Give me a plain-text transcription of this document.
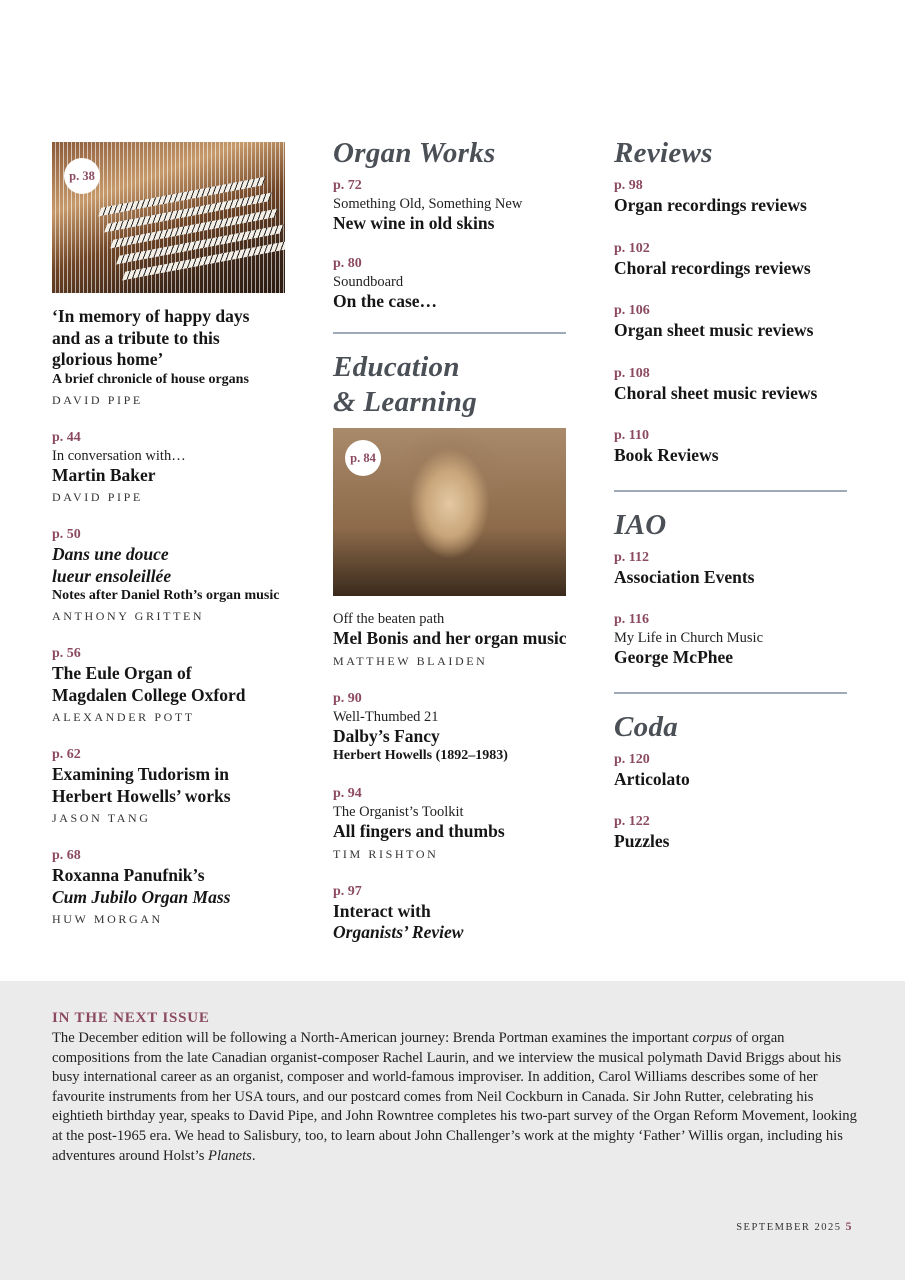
p. 38
‘In memory of happy days
and as a tribute to this
glorious home’
A brief chronicle of house organs
DAVID PIPE
p. 44
In conversation with…
Martin Baker
DAVID PIPE
p. 50
Dans une douce
lueur ensoleillée
Notes after Daniel Roth’s organ music
ANTHONY GRITTEN
p. 56
The Eule Organ of
Magdalen College Oxford
ALEXANDER POTT
p. 62
Examining Tudorism in
Herbert Howells’ works
JASON TANG
p. 68
Roxanna Panufnik’s
Cum Jubilo Organ Mass
HUW MORGAN
Organ Works
p. 72
Something Old, Something New
New wine in old skins
p. 80
Soundboard
On the case…
Education
& Learning
p. 84
Off the beaten path
Mel Bonis and her organ music
MATTHEW BLAIDEN
p. 90
Well-Thumbed 21
Dalby’s Fancy
Herbert Howells (1892–1983)
p. 94
The Organist’s Toolkit
All fingers and thumbs
TIM RISHTON
p. 97
Interact with
Organists’ Review
Reviews
p. 98
Organ recordings reviews
p. 102
Choral recordings reviews
p. 106
Organ sheet music reviews
p. 108
Choral sheet music reviews
p. 110
Book Reviews
IAO
p. 112
Association Events
p. 116
My Life in Church Music
George McPhee
Coda
p. 120
Articolato
p. 122
Puzzles
IN THE NEXT ISSUE
The December edition will be following a North-American journey: Brenda Portman examines the important corpus of organ compositions from the late Canadian organist-composer Rachel Laurin, and we interview the musical polymath David Briggs about his busy international career as an organist, composer and world-famous improviser. In addition, Carol Williams describes some of her favourite instruments from her USA tours, and our postcard comes from Neil Cockburn in Canada. Sir John Rutter, celebrating his eightieth birthday year, speaks to David Pipe, and John Rowntree completes his two-part survey of the Organ Reform Movement, looking at the post-1965 era. We head to Salisbury, too, to learn about John Challenger’s work at the mighty ‘Father’ Willis organ, including his adventures around Holst’s Planets.
SEPTEMBER 2025 5
